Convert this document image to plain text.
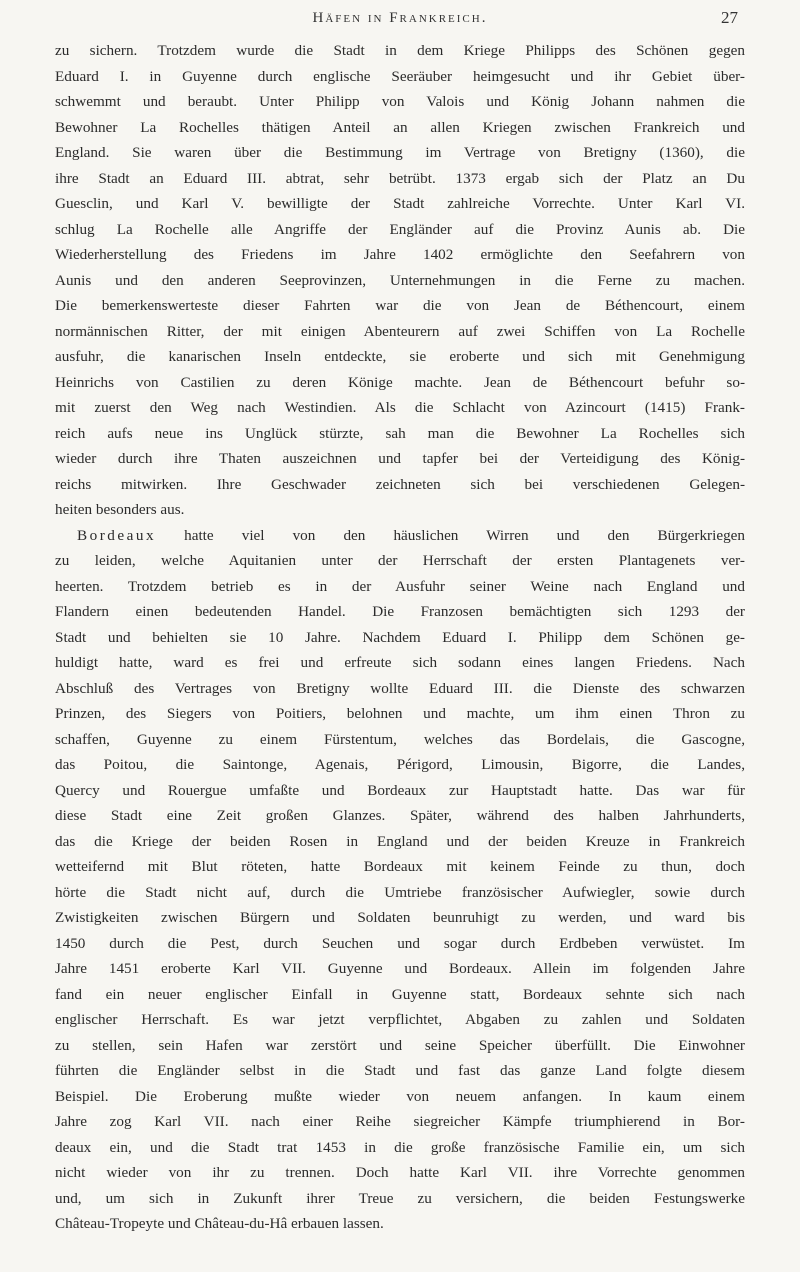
Häfen in Frankreich.	27
zu sichern. Trotzdem wurde die Stadt in dem Kriege Philipps des Schönen gegen
Eduard I. in Guyenne durch englische Seeräuber heimgesucht und ihr Gebiet über-
schwemmt und beraubt. Unter Philipp von Valois und König Johann nahmen die
Bewohner La Rochelles thätigen Anteil an allen Kriegen zwischen Frankreich und
England. Sie waren über die Bestimmung im Vertrage von Bretigny (1360), die
ihre Stadt an Eduard III. abtrat, sehr betrübt. 1373 ergab sich der Platz an Du
Guesclin, und Karl V. bewilligte der Stadt zahlreiche Vorrechte. Unter Karl VI.
schlug La Rochelle alle Angriffe der Engländer auf die Provinz Aunis ab. Die
Wiederherstellung des Friedens im Jahre 1402 ermöglichte den Seefahrern von
Aunis und den anderen Seeprovinzen, Unternehmungen in die Ferne zu machen.
Die bemerkenswerteste dieser Fahrten war die von Jean de Béthencourt, einem
normännischen Ritter, der mit einigen Abenteurern auf zwei Schiffen von La Rochelle
ausfuhr, die kanarischen Inseln entdeckte, sie eroberte und sich mit Genehmigung
Heinrichs von Castilien zu deren Könige machte. Jean de Béthencourt befuhr so-
mit zuerst den Weg nach Westindien. Als die Schlacht von Azincourt (1415) Frank-
reich aufs neue ins Unglück stürzte, sah man die Bewohner La Rochelles sich
wieder durch ihre Thaten auszeichnen und tapfer bei der Verteidigung des König-
reichs mitwirken. Ihre Geschwader zeichneten sich bei verschiedenen Gelegen-
heiten besonders aus.
Bordeaux hatte viel von den häuslichen Wirren und den Bürgerkriegen
zu leiden, welche Aquitanien unter der Herrschaft der ersten Plantagenets ver-
heerten. Trotzdem betrieb es in der Ausfuhr seiner Weine nach England und
Flandern einen bedeutenden Handel. Die Franzosen bemächtigten sich 1293 der
Stadt und behielten sie 10 Jahre. Nachdem Eduard I. Philipp dem Schönen ge-
huldigt hatte, ward es frei und erfreute sich sodann eines langen Friedens. Nach
Abschluß des Vertrages von Bretigny wollte Eduard III. die Dienste des schwarzen
Prinzen, des Siegers von Poitiers, belohnen und machte, um ihm einen Thron zu
schaffen, Guyenne zu einem Fürstentum, welches das Bordelais, die Gascogne,
das Poitou, die Saintonge, Agenais, Périgord, Limousin, Bigorre, die Landes,
Quercy und Rouergue umfaßte und Bordeaux zur Hauptstadt hatte. Das war für
diese Stadt eine Zeit großen Glanzes. Später, während des halben Jahrhunderts,
das die Kriege der beiden Rosen in England und der beiden Kreuze in Frankreich
wetteifernd mit Blut röteten, hatte Bordeaux mit keinem Feinde zu thun, doch
hörte die Stadt nicht auf, durch die Umtriebe französischer Aufwiegler, sowie durch
Zwistigkeiten zwischen Bürgern und Soldaten beunruhigt zu werden, und ward bis
1450 durch die Pest, durch Seuchen und sogar durch Erdbeben verwüstet. Im
Jahre 1451 eroberte Karl VII. Guyenne und Bordeaux. Allein im folgenden Jahre
fand ein neuer englischer Einfall in Guyenne statt, Bordeaux sehnte sich nach
englischer Herrschaft. Es war jetzt verpflichtet, Abgaben zu zahlen und Soldaten
zu stellen, sein Hafen war zerstört und seine Speicher überfüllt. Die Einwohner
führten die Engländer selbst in die Stadt und fast das ganze Land folgte diesem
Beispiel. Die Eroberung mußte wieder von neuem anfangen. In kaum einem
Jahre zog Karl VII. nach einer Reihe siegreicher Kämpfe triumphierend in Bor-
deaux ein, und die Stadt trat 1453 in die große französische Familie ein, um sich
nicht wieder von ihr zu trennen. Doch hatte Karl VII. ihre Vorrechte genommen
und, um sich in Zukunft ihrer Treue zu versichern, die beiden Festungswerke
Château-Tropeyte und Château-du-Hâ erbauen lassen.
